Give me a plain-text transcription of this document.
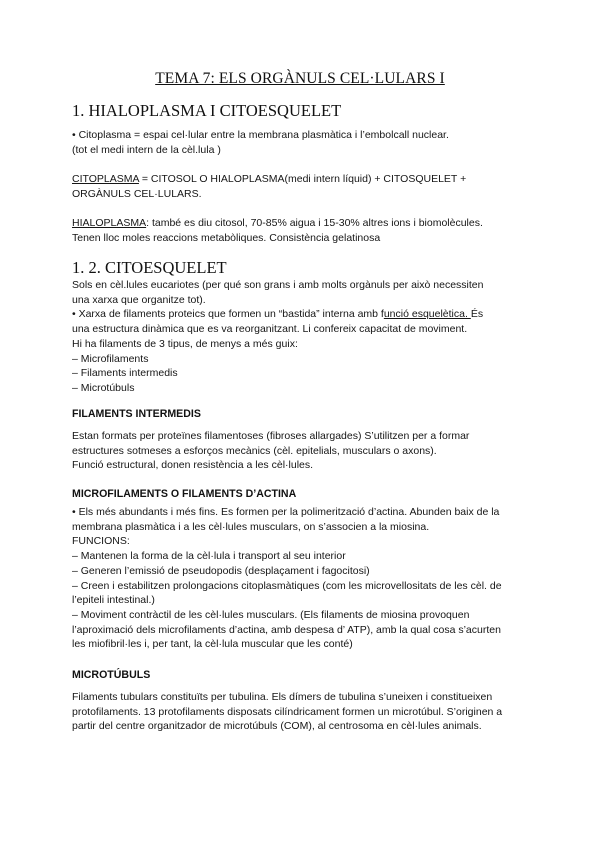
TEMA 7: ELS ORGÀNULS CEL·LULARS I
1. HIALOPLASMA I CITOESQUELET
• Citoplasma = espai cel·lular entre la membrana plasmàtica i l’embolcall nuclear.
(tot el medi intern de la cèl.lula )
CITOPLASMA = CITOSOL O HIALOPLASMA(medi intern líquid) + CITOSQUELET +
ORGÀNULS CEL·LULARS.
HIALOPLASMA: també es diu citosol, 70-85% aigua i 15-30% altres ions i biomolècules.
Tenen lloc moles reaccions metabòliques. Consistència gelatinosa
1. 2. CITOESQUELET
Sols en cèl.lules eucariotes (per qué son grans i amb molts orgànuls per això necessiten
una xarxa que organitze tot).
• Xarxa de filaments proteics que formen un “bastida” interna amb funció esquelètica. És
una estructura dinàmica que es va reorganitzant. Li confereix capacitat de moviment.
Hi ha filaments de 3 tipus, de menys a més guix:
– Microfilaments
– Filaments intermedis
– Microtúbuls
FILAMENTS INTERMEDIS
Estan formats per proteïnes filamentoses (fibroses allargades) S’utilitzen per a formar
estructures sotmeses a esforços mecànics (cèl. epitelials, musculars o axons).
Funció estructural, donen resistència a les cèl·lules.
MICROFILAMENTS O FILAMENTS D’ACTINA
• Els més abundants i més fins. Es formen per la polimerització d’actina. Abunden baix de la
membrana plasmàtica i a les cèl·lules musculars, on s’associen a la miosina.
FUNCIONS:
– Mantenen la forma de la cèl·lula i transport al seu interior
– Generen l’emissió de pseudopodis (desplaçament i fagocitosi)
– Creen i estabilitzen prolongacions citoplasmàtiques (com les microvellositats de les cèl. de
l’epiteli intestinal.)
– Moviment contràctil de les cèl·lules musculars. (Els filaments de miosina provoquen
l’aproximació dels microfilaments d’actina, amb despesa d’ ATP), amb la qual cosa s’acurten
les miofibril·les i, per tant, la cèl·lula muscular que les conté)
MICROTÚBULS
Filaments tubulars constituïts per tubulina. Els dímers de tubulina s’uneixen i constitueixen
protofilaments. 13 protofilaments disposats cilíndricament formen un microtúbul. S’originen a
partir del centre organitzador de microtúbuls (COM), al centrosoma en cèl·lules animals.
